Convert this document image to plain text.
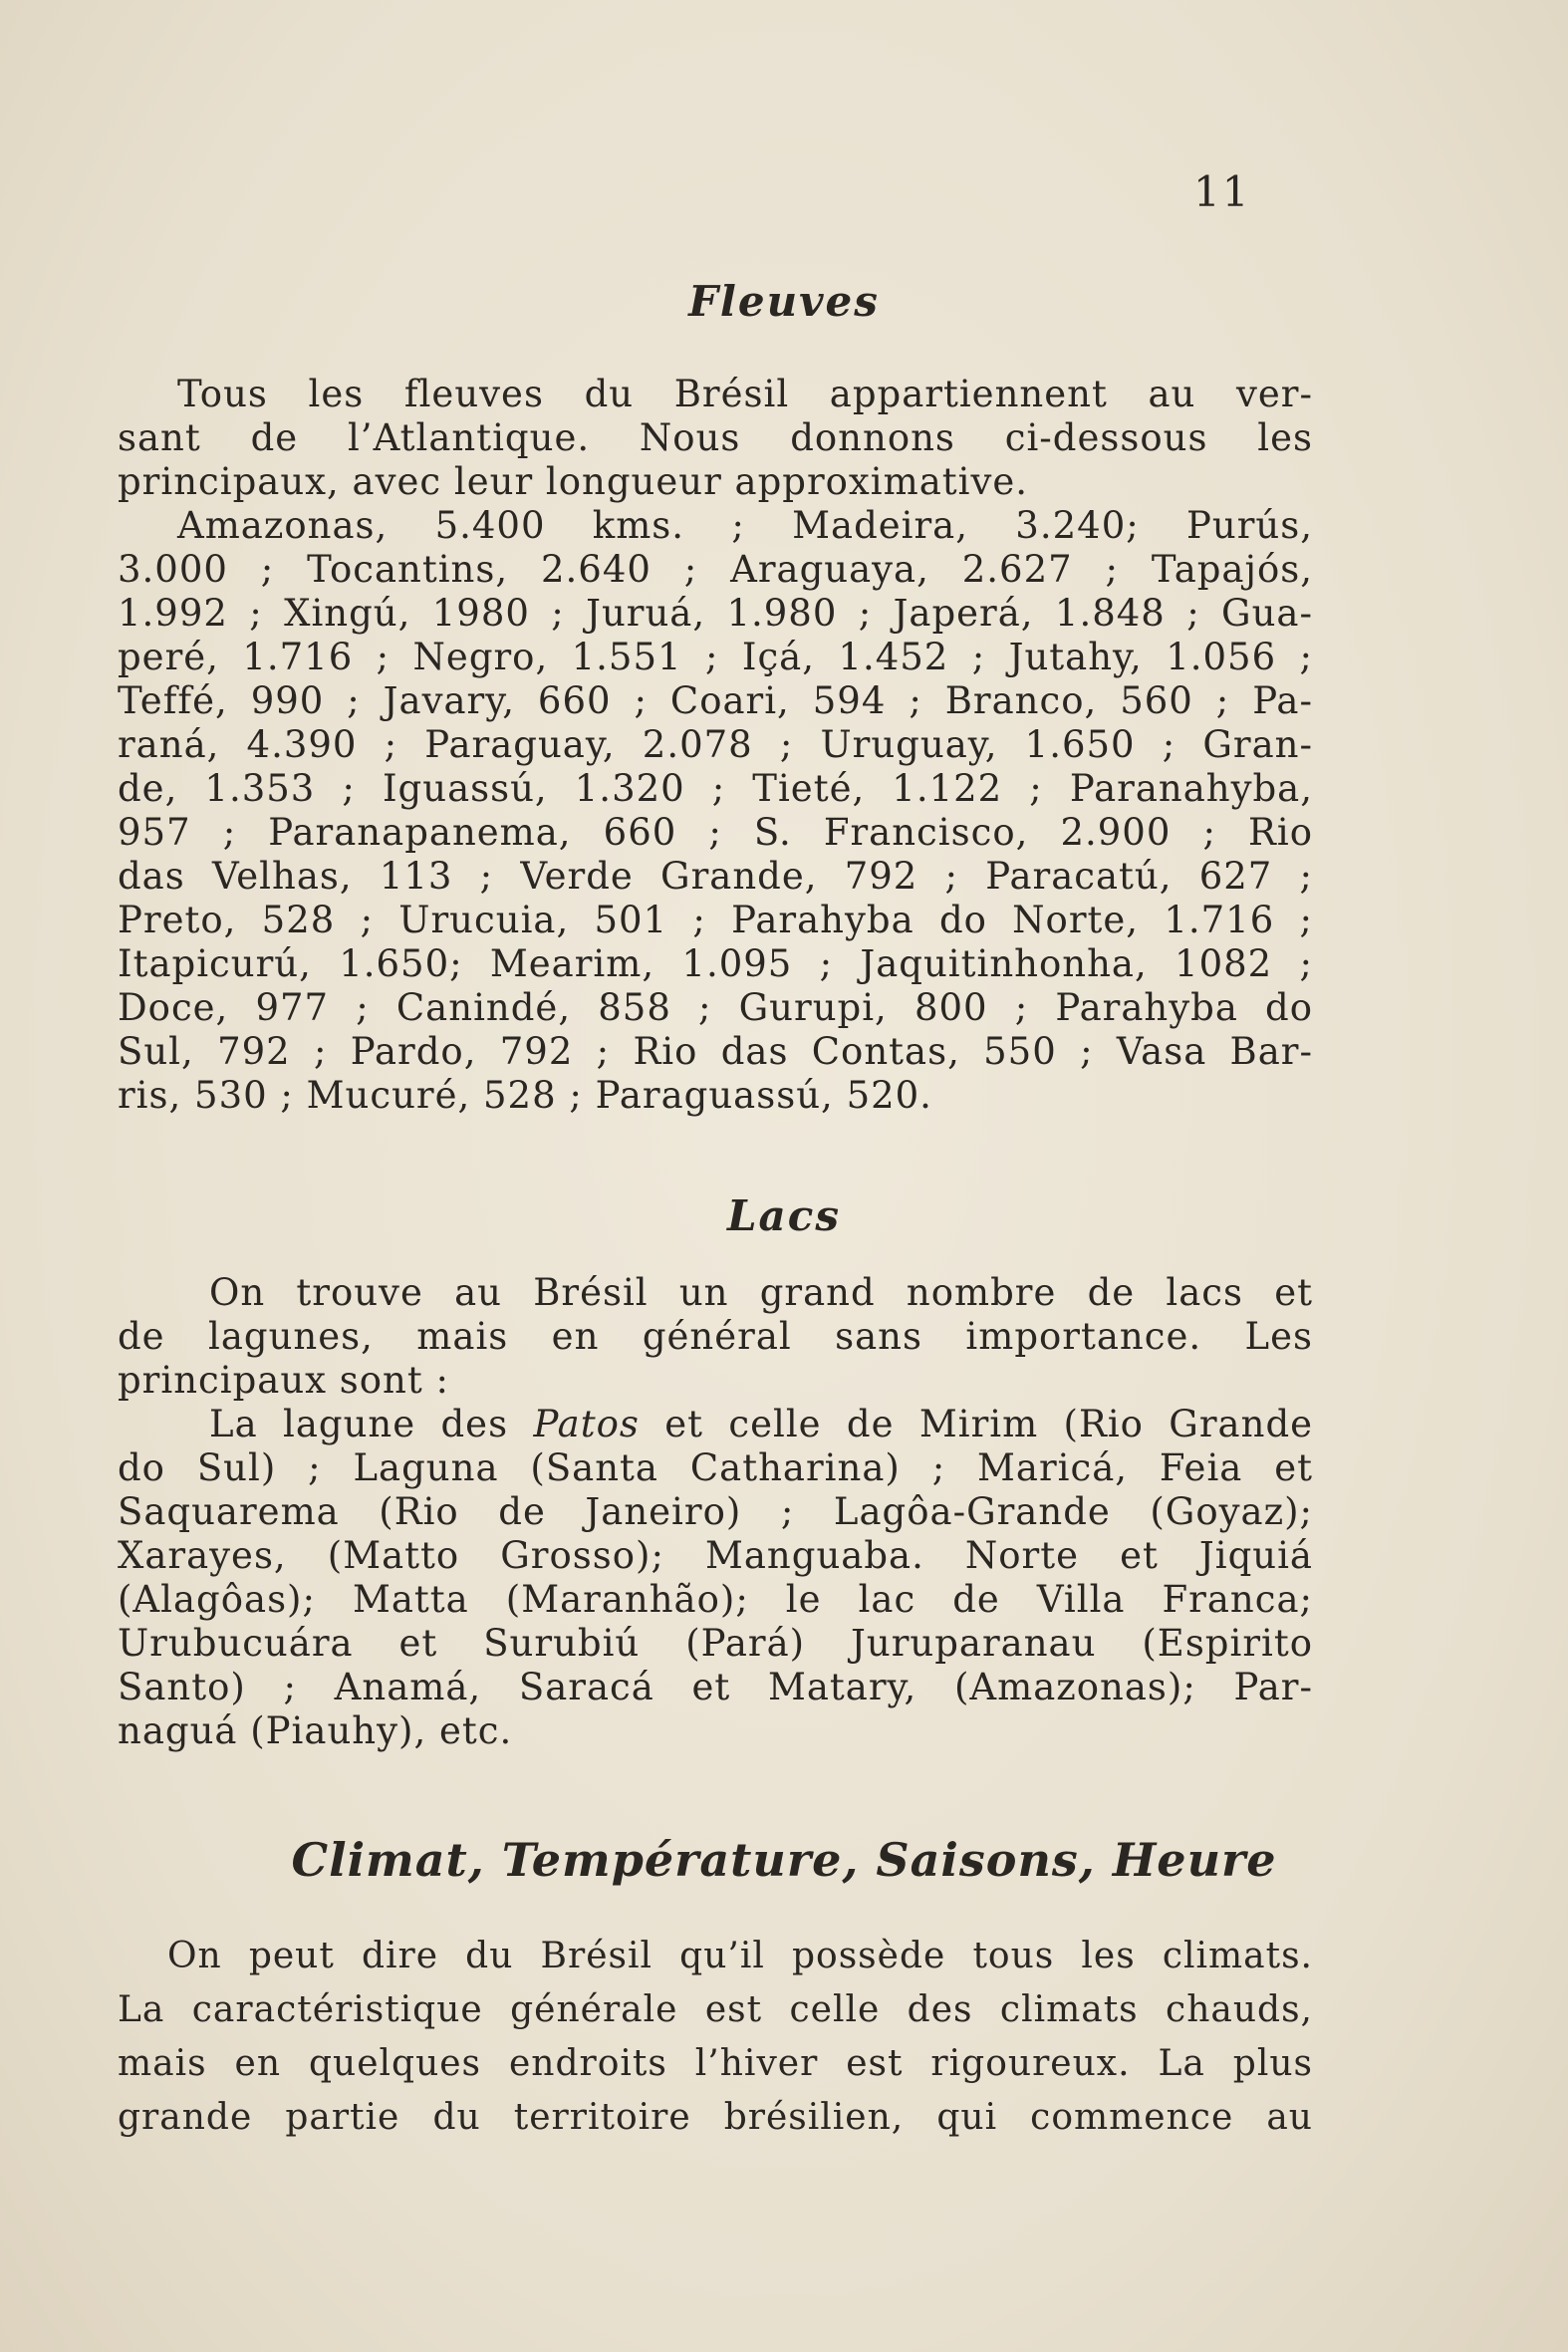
11
Fleuves
Tous les fleuves du Brésil appartiennent au ver-
sant de l’Atlantique. Nous donnons ci-dessous les
principaux, avec leur longueur approximative.
Amazonas, 5.400 kms. ; Madeira, 3.240; Purús,
3.000 ; Tocantins, 2.640 ; Araguaya, 2.627 ; Tapajós,
1.992 ; Xingú, 1980 ; Juruá, 1.980 ; Japerá, 1.848 ; Gua-
peré, 1.716 ; Negro, 1.551 ; Içá, 1.452 ; Jutahy, 1.056 ;
Teffé, 990 ; Javary, 660 ; Coari, 594 ; Branco, 560 ; Pa-
raná, 4.390 ; Paraguay, 2.078 ; Uruguay, 1.650 ; Gran-
de, 1.353 ; Iguassú, 1.320 ; Tieté, 1.122 ; Paranahyba,
957 ; Paranapanema, 660 ; S. Francisco, 2.900 ; Rio
das Velhas, 113 ; Verde Grande, 792 ; Paracatú, 627 ;
Preto, 528 ; Urucuia, 501 ; Parahyba do Norte, 1.716 ;
Itapicurú, 1.650; Mearim, 1.095 ; Jaquitinhonha, 1082 ;
Doce, 977 ; Canindé, 858 ; Gurupi, 800 ; Parahyba do
Sul, 792 ; Pardo, 792 ; Rio das Contas, 550 ; Vasa Bar-
ris, 530 ; Mucuré, 528 ; Paraguassú, 520.
Lacs
On trouve au Brésil un grand nombre de lacs et
de lagunes, mais en général sans importance. Les
principaux sont :
La lagune des Patos et celle de Mirim (Rio Grande
do Sul) ; Laguna (Santa Catharina) ; Maricá, Feia et
Saquarema (Rio de Janeiro) ; Lagôa-Grande (Goyaz);
Xarayes, (Matto Grosso); Manguaba. Norte et Jiquiá
(Alagôas); Matta (Maranhão); le lac de Villa Franca;
Urubucuára et Surubiú (Pará) Juruparanau (Espirito
Santo) ; Anamá, Saracá et Matary, (Amazonas); Par-
naguá (Piauhy), etc.
Climat, Température, Saisons, Heure
On peut dire du Brésil qu’il possède tous les climats.
La caractéristique générale est celle des climats chauds,
mais en quelques endroits l’hiver est rigoureux. La plus
grande partie du territoire brésilien, qui commence au
